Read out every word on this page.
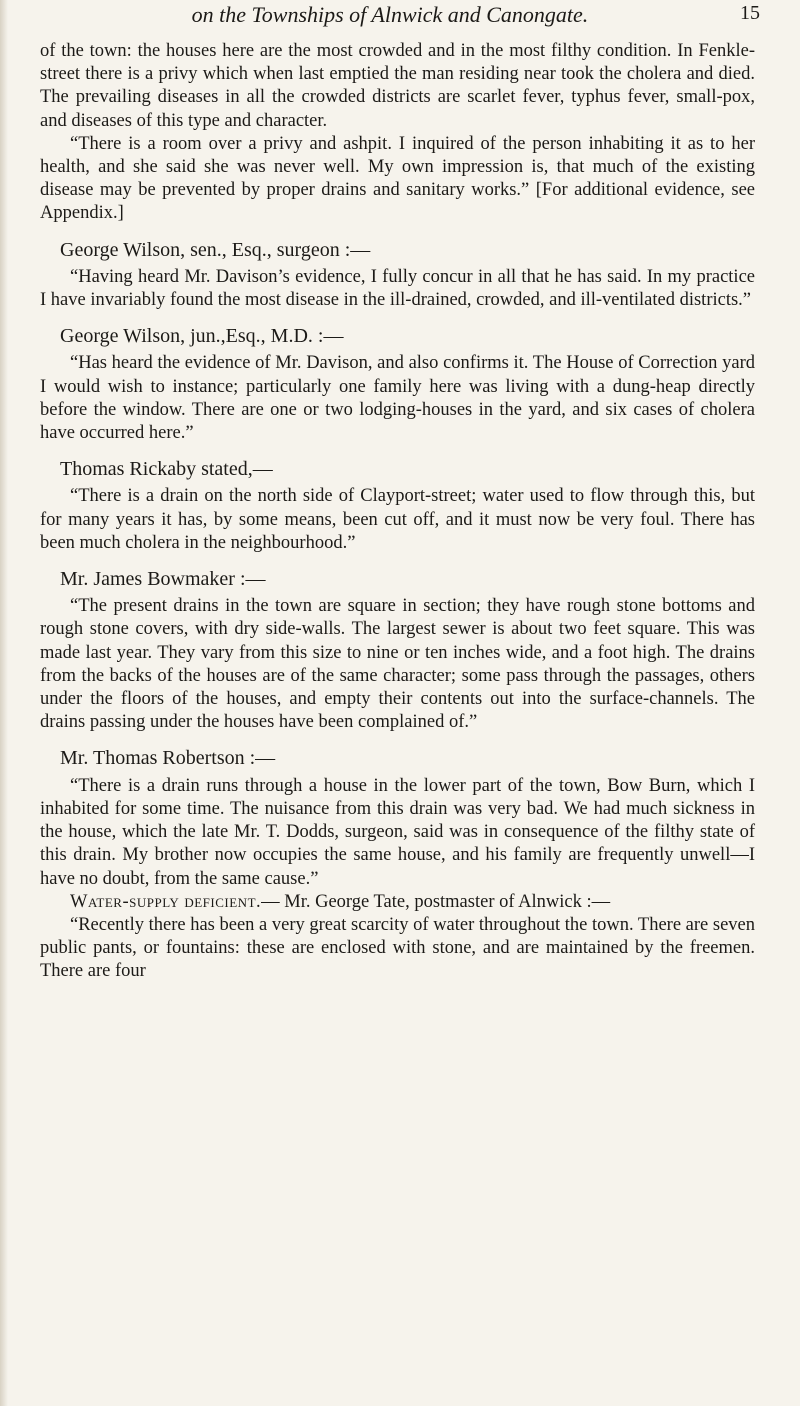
on the Townships of Alnwick and Canongate.	15

of the town: the houses here are the most crowded and in the most filthy condition. In Fenkle-street there is a privy which when last emptied the man residing near took the cholera and died. The prevailing diseases in all the crowded districts are scarlet fever, typhus fever, small-pox, and diseases of this type and character.

“There is a room over a privy and ashpit. I inquired of the person inhabiting it as to her health, and she said she was never well. My own impression is, that much of the existing disease may be prevented by proper drains and sanitary works.” [For additional evidence, see Appendix.]

George Wilson, sen., Esq., surgeon :—

“Having heard Mr. Davison’s evidence, I fully concur in all that he has said. In my practice I have invariably found the most disease in the ill-drained, crowded, and ill-ventilated districts.”

George Wilson, jun.,Esq., M.D. :—

“Has heard the evidence of Mr. Davison, and also confirms it. The House of Correction yard I would wish to instance; particularly one family here was living with a dung-heap directly before the window. There are one or two lodging-houses in the yard, and six cases of cholera have occurred here.”

Thomas Rickaby stated,—

“There is a drain on the north side of Clayport-street; water used to flow through this, but for many years it has, by some means, been cut off, and it must now be very foul. There has been much cholera in the neighbourhood.”

Mr. James Bowmaker :—

“The present drains in the town are square in section; they have rough stone bottoms and rough stone covers, with dry side-walls. The largest sewer is about two feet square. This was made last year. They vary from this size to nine or ten inches wide, and a foot high. The drains from the backs of the houses are of the same character; some pass through the passages, others under the floors of the houses, and empty their contents out into the surface-channels. The drains passing under the houses have been complained of.”

Mr. Thomas Robertson :—

“There is a drain runs through a house in the lower part of the town, Bow Burn, which I inhabited for some time. The nuisance from this drain was very bad. We had much sickness in the house, which the late Mr. T. Dodds, surgeon, said was in consequence of the filthy state of this drain. My brother now occupies the same house, and his family are frequently unwell—I have no doubt, from the same cause.”

Water-supply deficient.— Mr. George Tate, postmaster of Alnwick :—

“Recently there has been a very great scarcity of water throughout the town. There are seven public pants, or fountains: these are enclosed with stone, and are maintained by the freemen. There are four
